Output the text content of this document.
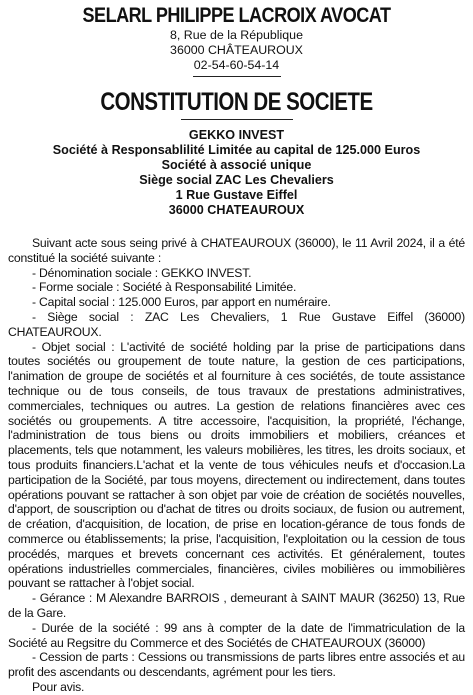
SELARL PHILIPPE LACROIX AVOCAT
8, Rue de la République
36000 CHÂTEAUROUX
02-54-60-54-14
CONSTITUTION DE SOCIETE
GEKKO INVEST
Société à Responsablilité Limitée au capital de 125.000 Euros
Société à associé unique
Siège social ZAC Les Chevaliers
1 Rue Gustave Eiffel
36000 CHATEAUROUX

Suivant acte sous seing privé à CHATEAUROUX (36000), le 11 Avril 2024, il a été constitué la société suivante :

- Dénomination sociale : GEKKO INVEST.

- Forme sociale : Société à Responsabilité Limitée.

- Capital social : 125.000 Euros, par apport en numéraire.

- Siège social : ZAC Les Chevaliers, 1 Rue Gustave Eiffel (36000) CHATEAUROUX.

- Objet social : L'activité de société holding par la prise de participations dans toutes sociétés ou groupement de toute nature, la gestion de ces participations, l'animation de groupe de sociétés et al fourniture à ces sociétés, de toute assistance technique ou de tous conseils, de tous travaux de prestations administratives, commerciales, techniques ou autres. La gestion de relations financières avec ces sociétés ou groupements. A titre accessoire, l'acquisition, la propriété, l'échange, l'administration de tous biens ou droits immobiliers et mobiliers, créances et placements, tels que notamment, les valeurs mobilières, les titres, les droits sociaux, et tous produits financiers.L'achat et la vente de tous véhicules neufs et d'occasion.La participation de la Société, par tous moyens, directement ou indirectement, dans toutes opérations pouvant se rattacher à son objet par voie de création de sociétés nouvelles, d'apport, de souscription ou d'achat de titres ou droits sociaux, de fusion ou autrement, de création, d'acquisition, de location, de prise en location-gérance de tous fonds de commerce ou établissements; la prise, l'acquisition, l'exploitation ou la cession de tous procédés, marques et brevets concernant ces activités. Et généralement, toutes opérations industrielles commerciales, financières, civiles mobilières ou immobilières pouvant se rattacher à l'objet social.

- Gérance : M Alexandre BARROIS , demeurant à SAINT MAUR (36250) 13, Rue de la Gare.

- Durée de la société : 99 ans à compter de la date de l'immatriculation de la Société au Regsitre du Commerce et des Sociétés de CHATEAUROUX (36000)

- Cession de parts : Cessions ou transmissions de parts libres entre associés et au profit des ascendants ou descendants, agrément pour les tiers.

Pour avis.
